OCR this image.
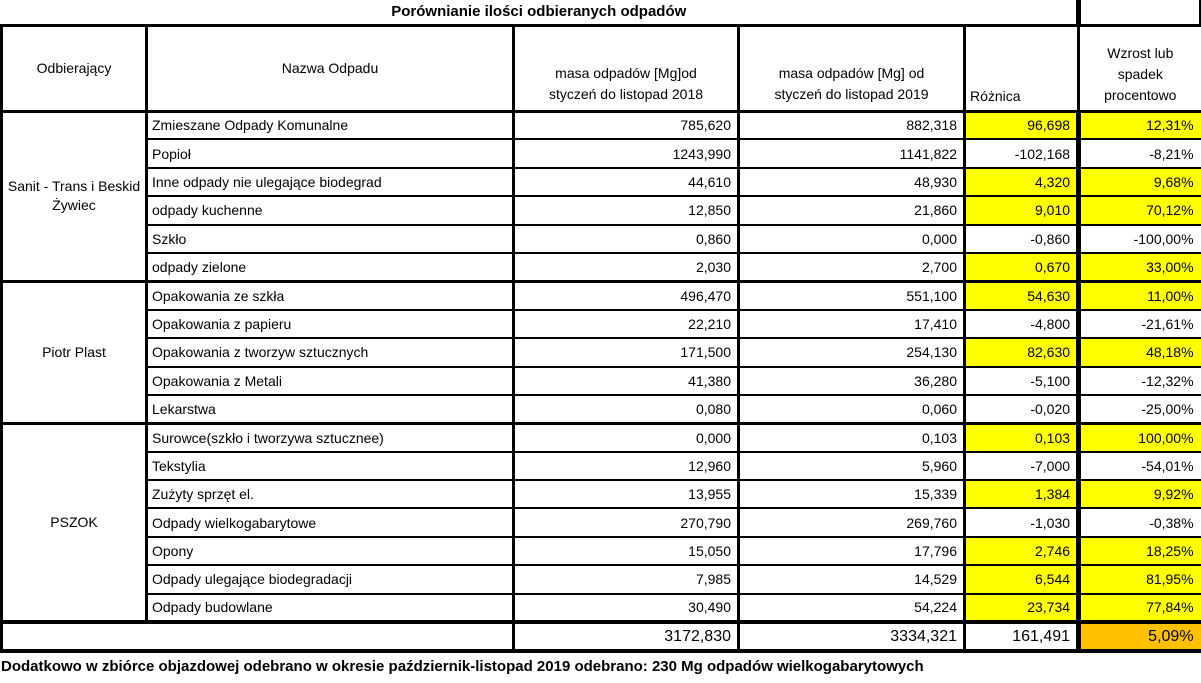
Porównianie ilości odbieranych odpadów					
Odbierający	Nazwa Odpadu	masa odpadów [Mg]od styczeń do listopad 2018	masa odpadów [Mg] od styczeń do listopad 2019	Różnica	Wzrost lub spadek procentowo
Sanit - Trans i Beskid Żywiec	Zmieszane Odpady Komunalne	785,620	882,318	96,698	12,31%
	Popioł	1243,990	1141,822	-102,168	-8,21%
	Inne odpady nie ulegające biodegrad	44,610	48,930	4,320	9,68%
	odpady kuchenne	12,850	21,860	9,010	70,12%
	Szkło	0,860	0,000	-0,860	-100,00%
	odpady zielone	2,030	2,700	0,670	33,00%
Piotr Plast	Opakowania ze szkła	496,470	551,100	54,630	11,00%
	Opakowania z papieru	22,210	17,410	-4,800	-21,61%
	Opakowania z tworzyw sztucznych	171,500	254,130	82,630	48,18%
	Opakowania z Metali	41,380	36,280	-5,100	-12,32%
	Lekarstwa	0,080	0,060	-0,020	-25,00%
PSZOK	Surowce(szkło i tworzywa sztucznee)	0,000	0,103	0,103	100,00%
	Tekstylia	12,960	5,960	-7,000	-54,01%
	Zużyty sprzęt el.	13,955	15,339	1,384	9,92%
	Odpady wielkogabarytowe	270,790	269,760	-1,030	-0,38%
	Opony	15,050	17,796	2,746	18,25%
	Odpady ulegające biodegradacji	7,985	14,529	6,544	81,95%
	Odpady budowlane	30,490	54,224	23,734	77,84%
		3172,830	3334,321	161,491	5,09%
Dodatkowo w zbiórce objazdowej odebrano w okresie październik-listopad 2019 odebrano: 230 Mg odpadów wielkogabarytowych
